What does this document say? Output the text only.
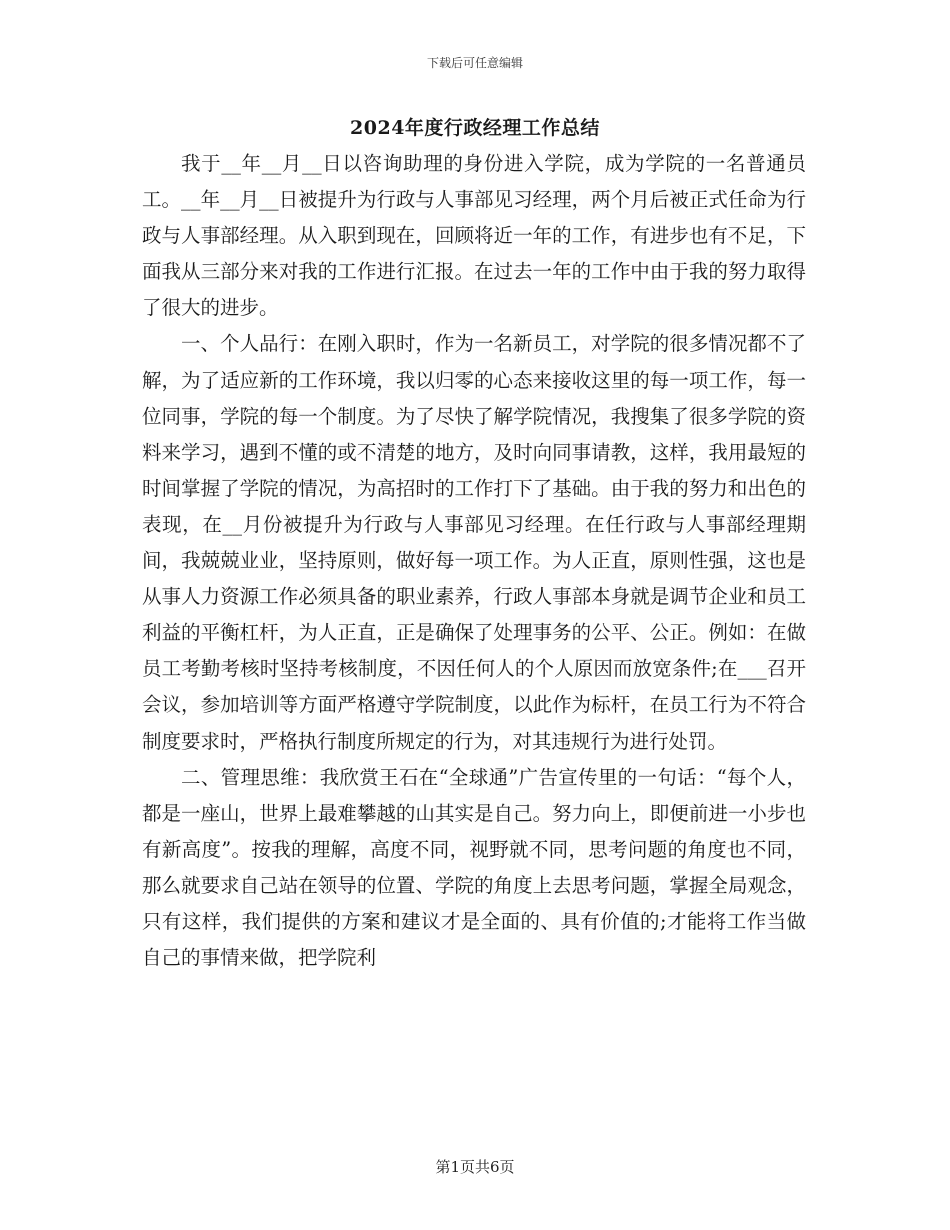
下载后可任意编辑
2024年度行政经理工作总结

我于__年__月__日以咨询助理的身份进入学院，成为学院的一名普通员工。__年__月__日被提升为行政与人事部见习经理，两个月后被正式任命为行政与人事部经理。从入职到现在，回顾将近一年的工作，有进步也有不足，下面我从三部分来对我的工作进行汇报。在过去一年的工作中由于我的努力取得了很大的进步。

一、个人品行：在刚入职时，作为一名新员工，对学院的很多情况都不了解，为了适应新的工作环境，我以归零的心态来接收这里的每一项工作，每一位同事，学院的每一个制度。为了尽快了解学院情况，我搜集了很多学院的资料来学习，遇到不懂的或不清楚的地方，及时向同事请教，这样，我用最短的时间掌握了学院的情况，为高招时的工作打下了基础。由于我的努力和出色的表现，在__月份被提升为行政与人事部见习经理。在任行政与人事部经理期间，我兢兢业业，坚持原则，做好每一项工作。为人正直，原则性强，这也是从事人力资源工作必须具备的职业素养，行政人事部本身就是调节企业和员工利益的平衡杠杆，为人正直，正是确保了处理事务的公平、公正。例如：在做员工考勤考核时坚持考核制度，不因任何人的个人原因而放宽条件;在___召开会议，参加培训等方面严格遵守学院制度，以此作为标杆，在员工行为不符合制度要求时，严格执行制度所规定的行为，对其违规行为进行处罚。

二、管理思维：我欣赏王石在“全球通”广告宣传里的一句话：“每个人，都是一座山，世界上最难攀越的山其实是自己。努力向上，即便前进一小步也有新高度”。按我的理解，高度不同，视野就不同，思考问题的角度也不同，那么就要求自己站在领导的位置、学院的角度上去思考问题，掌握全局观念，只有这样，我们提供的方案和建议才是全面的、具有价值的;才能将工作当做自己的事情来做，把学院利

第1页共6页
